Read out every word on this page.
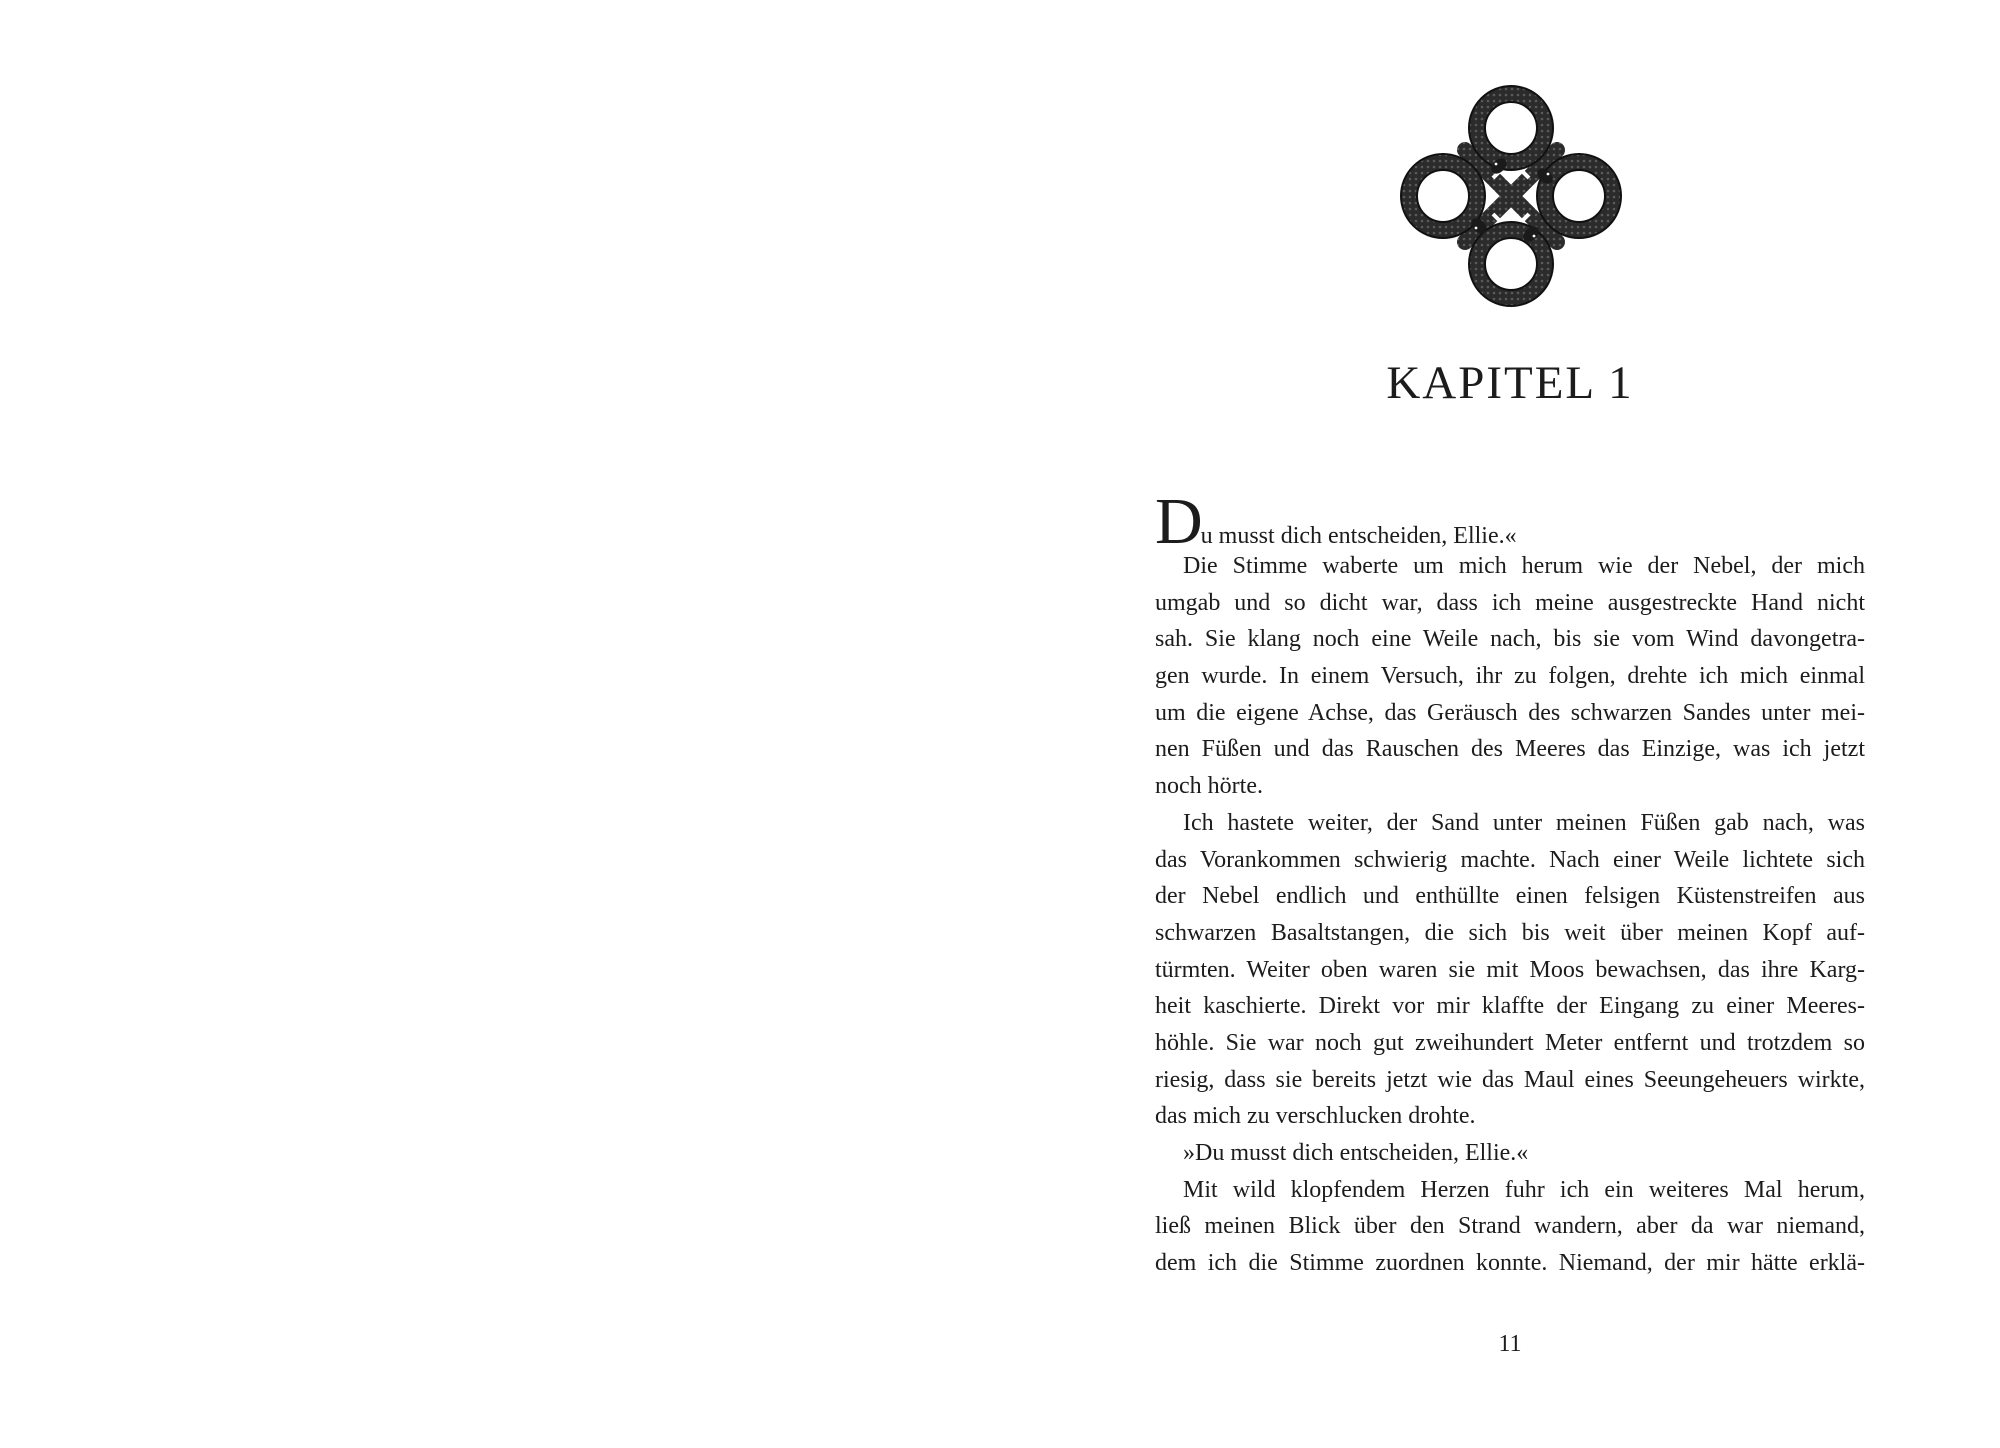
KAPITEL 1
Du musst dich entscheiden, Ellie.«
Die Stimme waberte um mich herum wie der Nebel, der mich
umgab und so dicht war, dass ich meine ausgestreckte Hand nicht
sah. Sie klang noch eine Weile nach, bis sie vom Wind davongetra-
gen wurde. In einem Versuch, ihr zu folgen, drehte ich mich einmal
um die eigene Achse, das Geräusch des schwarzen Sandes unter mei-
nen Füßen und das Rauschen des Meeres das Einzige, was ich jetzt
noch hörte.
Ich hastete weiter, der Sand unter meinen Füßen gab nach, was
das Vorankommen schwierig machte. Nach einer Weile lichtete sich
der Nebel endlich und enthüllte einen felsigen Küstenstreifen aus
schwarzen Basaltstangen, die sich bis weit über meinen Kopf auf-
türmten. Weiter oben waren sie mit Moos bewachsen, das ihre Karg-
heit kaschierte. Direkt vor mir klaffte der Eingang zu einer Meeres-
höhle. Sie war noch gut zweihundert Meter entfernt und trotzdem so
riesig, dass sie bereits jetzt wie das Maul eines Seeungeheuers wirkte,
das mich zu verschlucken drohte.
»Du musst dich entscheiden, Ellie.«
Mit wild klopfendem Herzen fuhr ich ein weiteres Mal herum,
ließ meinen Blick über den Strand wandern, aber da war niemand,
dem ich die Stimme zuordnen konnte. Niemand, der mir hätte erklä-
11
